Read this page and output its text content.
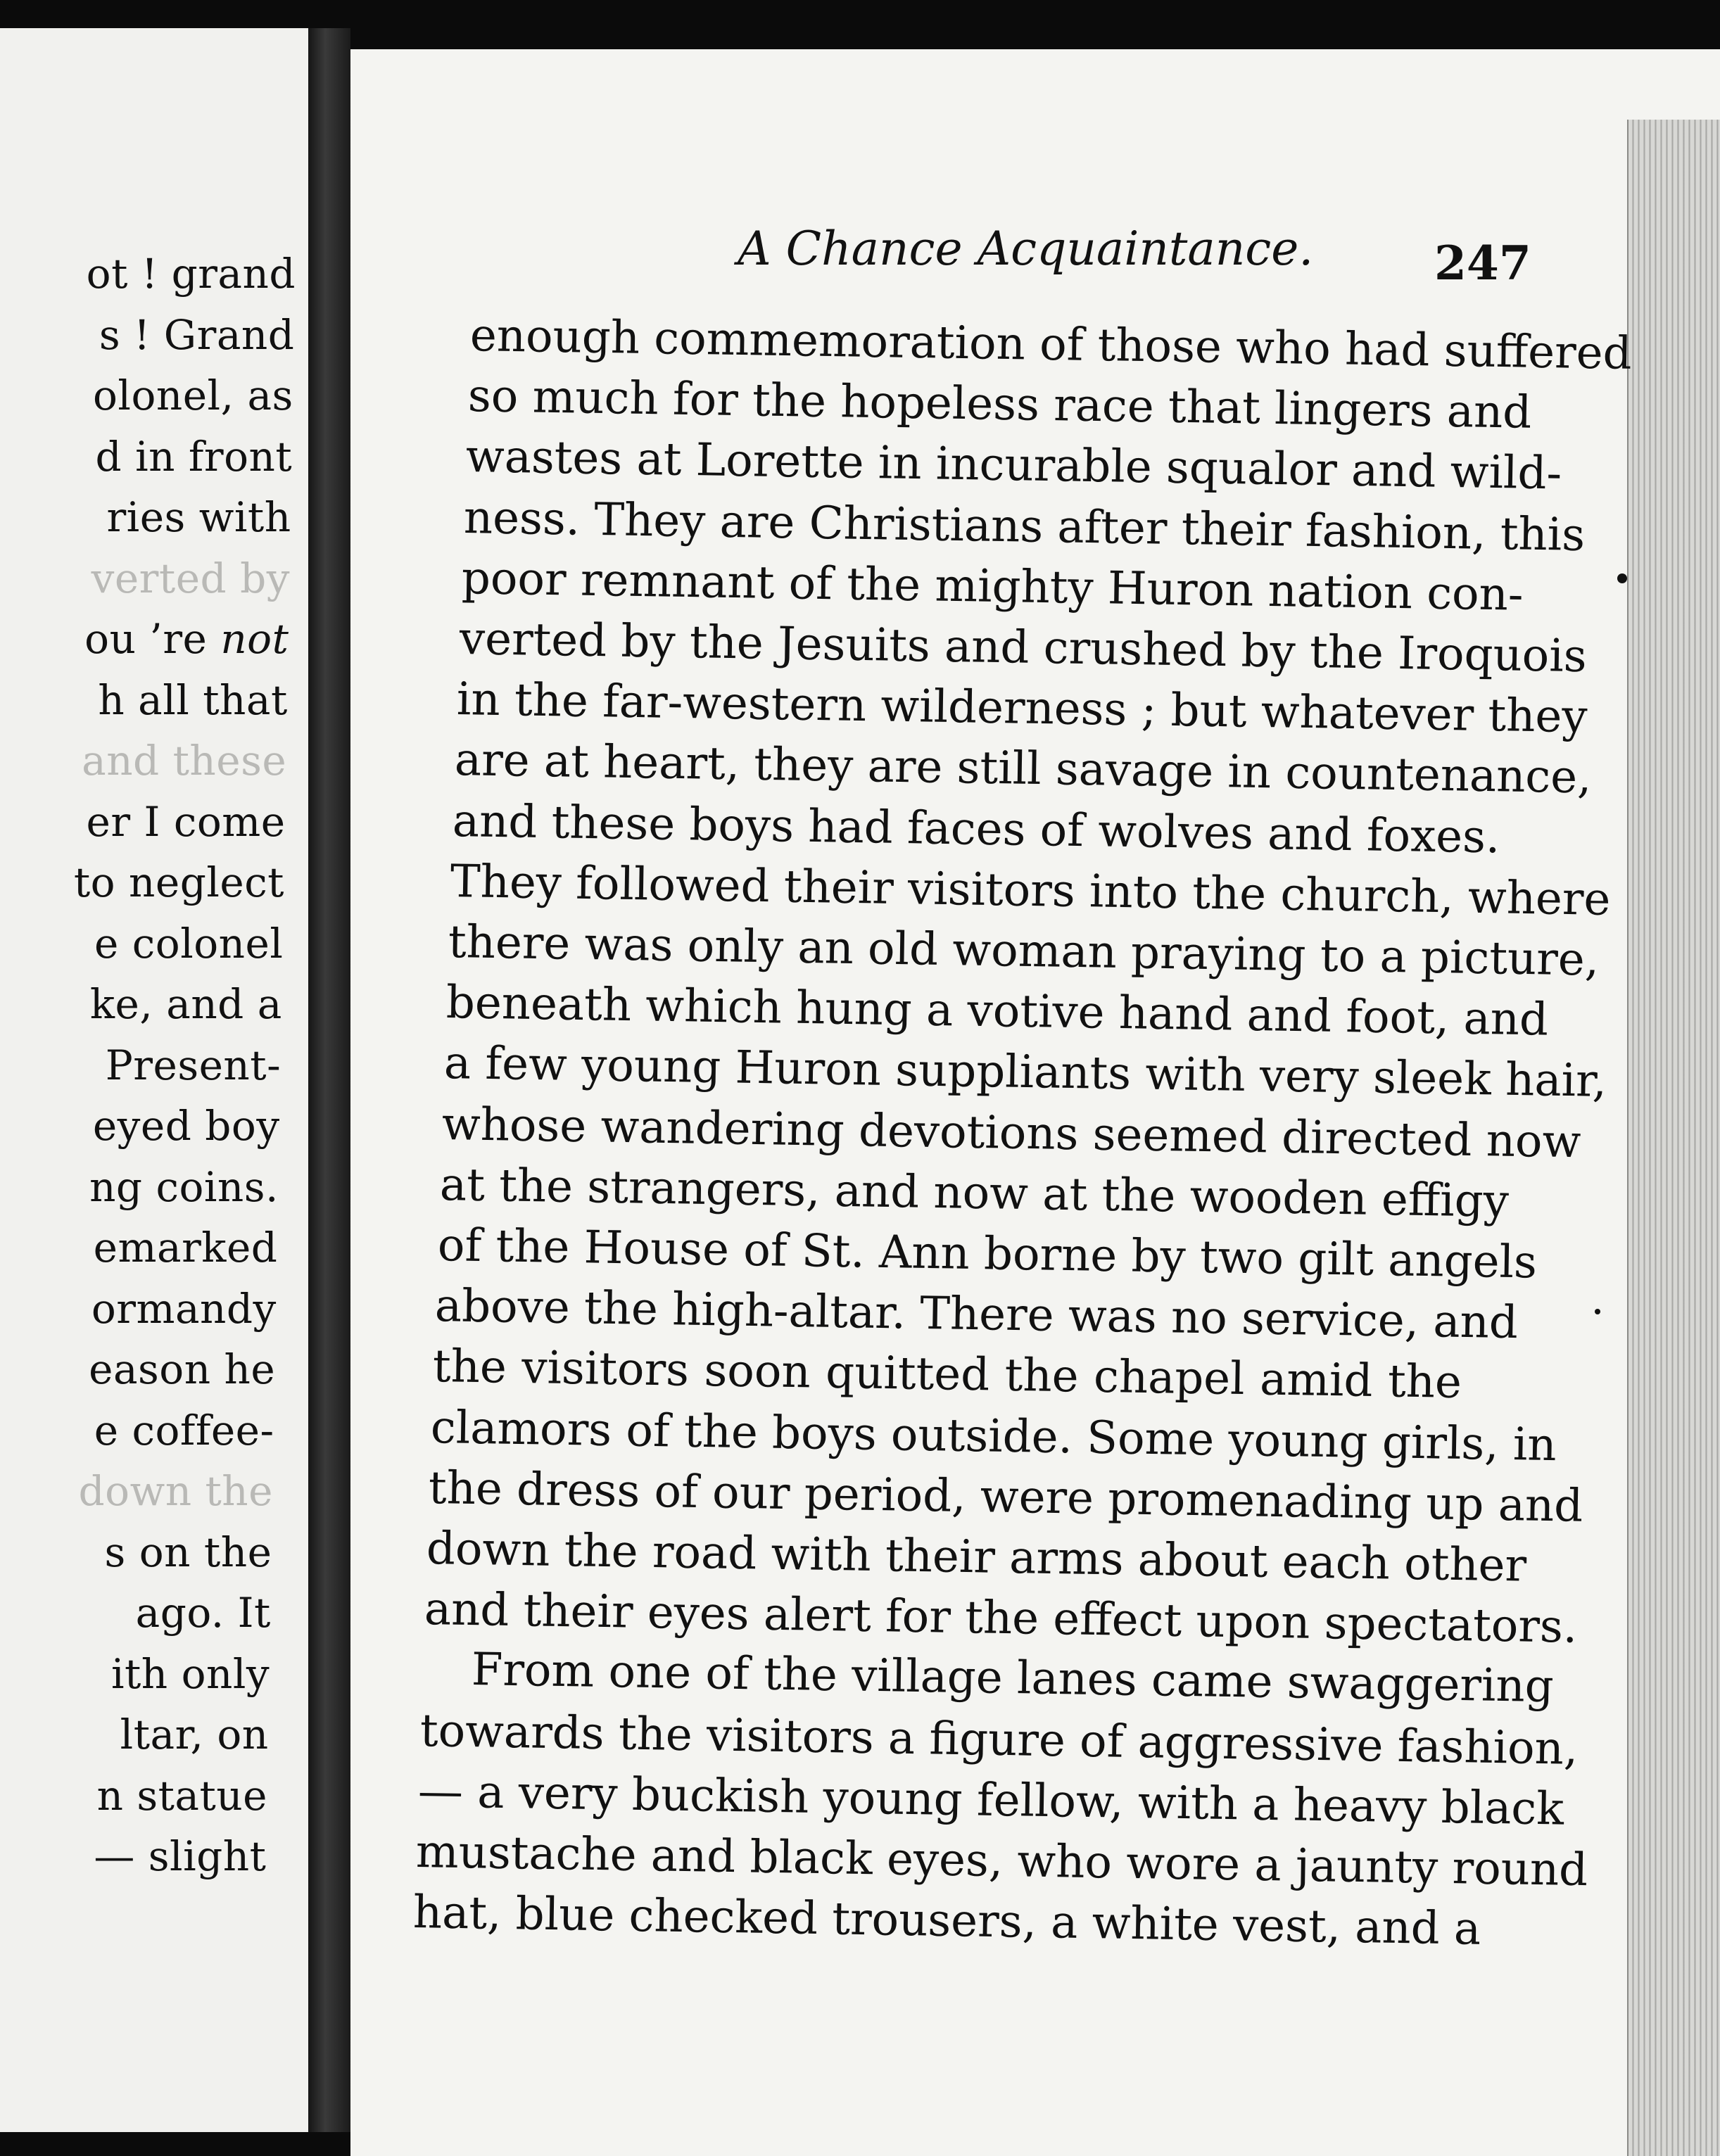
ot ! grand
s ! Grand
olonel, as
d in front
ries with
verted by
ou ’re not
h all that
and these
er I come
to neglect
e colonel
ke, and a
Present-
eyed boy
ng coins.
emarked
ormandy
eason he
e coffee-
down the
s on the
ago. It
ith only
ltar, on
n statue
— slight
A Chance Acquaintance.	247
enough commemoration of those who had suffered
so much for the hopeless race that lingers and
wastes at Lorette in incurable squalor and wild-
ness. They are Christians after their fashion, this
poor remnant of the mighty Huron nation con-
verted by the Jesuits and crushed by the Iroquois
in the far-western wilderness ; but whatever they
are at heart, they are still savage in countenance,
and these boys had faces of wolves and foxes.
They followed their visitors into the church, where
there was only an old woman praying to a picture,
beneath which hung a votive hand and foot, and
a few young Huron suppliants with very sleek hair,
whose wandering devotions seemed directed now
at the strangers, and now at the wooden effigy
of the House of St. Ann borne by two gilt angels
above the high-altar. There was no service, and
the visitors soon quitted the chapel amid the
clamors of the boys outside. Some young girls, in
the dress of our period, were promenading up and
down the road with their arms about each other
and their eyes alert for the effect upon spectators.
From one of the village lanes came swaggering
towards the visitors a figure of aggressive fashion,
— a very buckish young fellow, with a heavy black
mustache and black eyes, who wore a jaunty round
hat, blue checked trousers, a white vest, and a
